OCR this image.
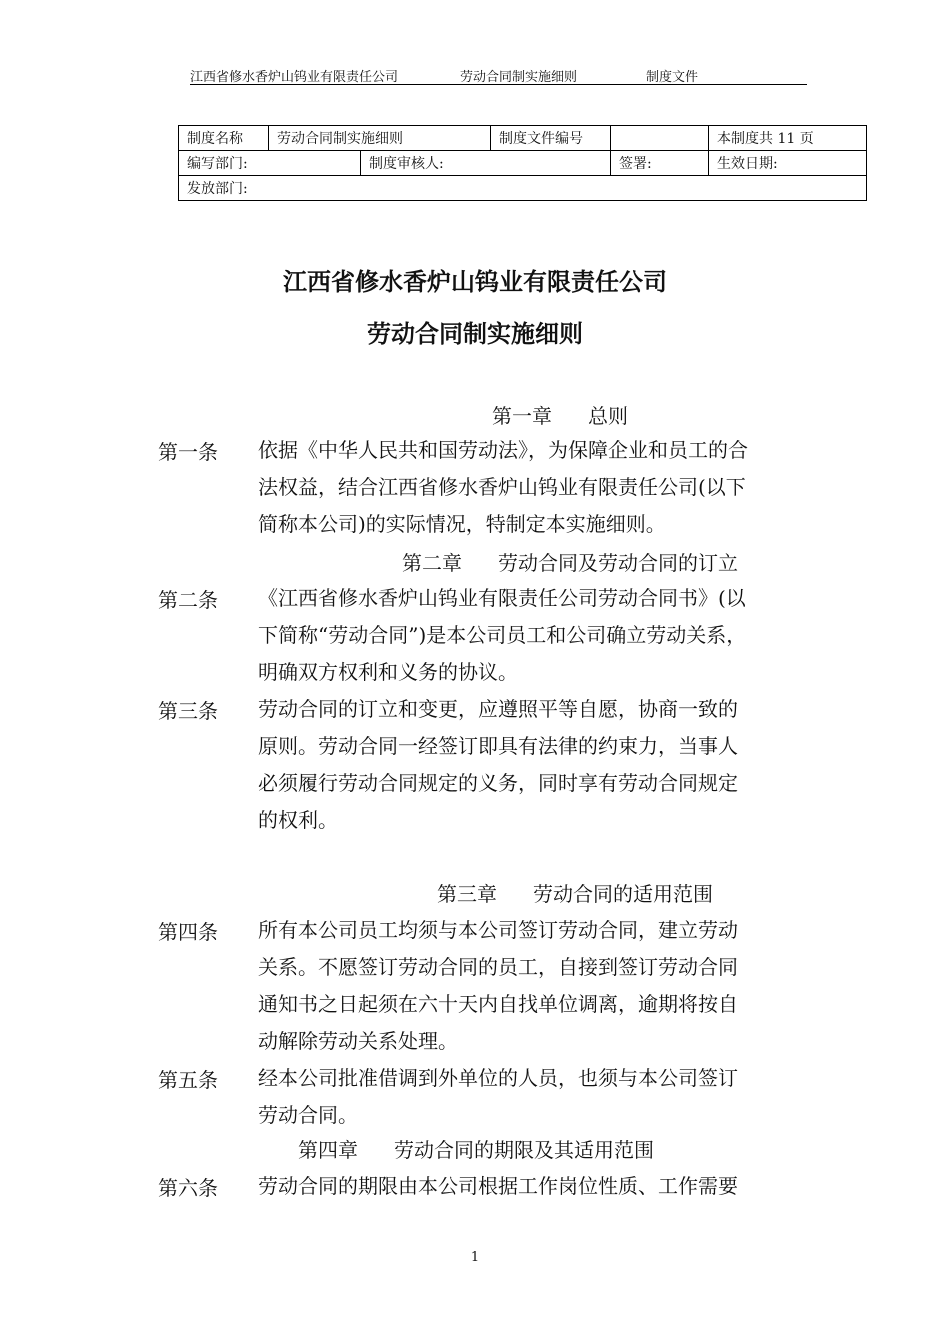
江西省修水香炉山钨业有限责任公司	劳动合同制实施细则	制度文件
制度名称	劳动合同制实施细则		制度文件编号		本制度共 11 页
编写部门:		制度审核人:		签署:	生效日期:
发放部门:					
江西省修水香炉山钨业有限责任公司
劳动合同制实施细则
第一章 总则
第一条 依据《中华人民共和国劳动法》，为保障企业和员工的合
法权益，结合江西省修水香炉山钨业有限责任公司(以下
简称本公司)的实际情况，特制定本实施细则。
第二章 劳动合同及劳动合同的订立
第二条 《江西省修水香炉山钨业有限责任公司劳动合同书》(以
下简称“劳动合同”)是本公司员工和公司确立劳动关系，
明确双方权利和义务的协议。
第三条 劳动合同的订立和变更，应遵照平等自愿，协商一致的
原则。劳动合同一经签订即具有法律的约束力，当事人
必须履行劳动合同规定的义务，同时享有劳动合同规定
的权利。
第三章 劳动合同的适用范围
第四条 所有本公司员工均须与本公司签订劳动合同，建立劳动
关系。不愿签订劳动合同的员工，自接到签订劳动合同
通知书之日起须在六十天内自找单位调离，逾期将按自
动解除劳动关系处理。
第五条 经本公司批准借调到外单位的人员，也须与本公司签订
劳动合同。
第四章 劳动合同的期限及其适用范围
第六条 劳动合同的期限由本公司根据工作岗位性质、工作需要
1
